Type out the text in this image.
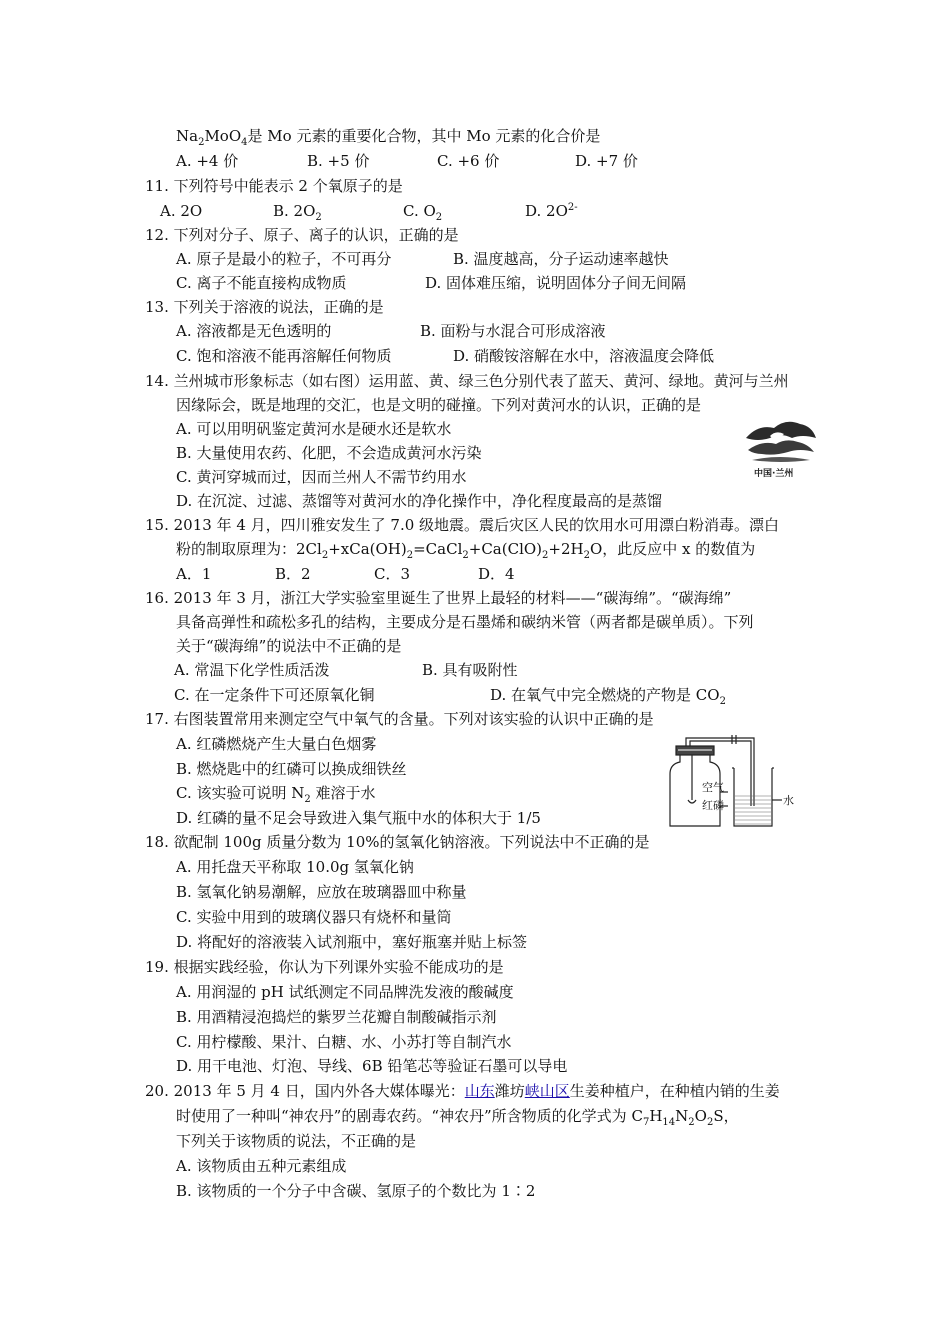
$Na_2MoO_4$是 Mo 元素的重要化合物，其中 Mo 元素的化合价是
A. +4 价	B. +5 价	C. +6 价	D. +7 价
11. 下列符号中能表示 2 个氧原子的是
A. 2O	B. $2O_2$	C. $O_2$	D. $2O^{2-}$
12. 下列对分子、原子、离子的认识，正确的是
A. 原子是最小的粒子，不可再分	B. 温度越高，分子运动速率越快
C. 离子不能直接构成物质	D. 固体难压缩，说明固体分子间无间隔
13. 下列关于溶液的说法，正确的是
A. 溶液都是无色透明的	B. 面粉与水混合可形成溶液
C. 饱和溶液不能再溶解任何物质	D. 硝酸铵溶解在水中，溶液温度会降低
14. 兰州城市形象标志（如右图）运用蓝、黄、绿三色分别代表了蓝天、黄河、绿地。黄河与兰州
因缘际会，既是地理的交汇，也是文明的碰撞。下列对黄河水的认识，正确的是
A. 可以用明矾鉴定黄河水是硬水还是软水
B. 大量使用农药、化肥，不会造成黄河水污染
C. 黄河穿城而过，因而兰州人不需节约用水
D. 在沉淀、过滤、蒸馏等对黄河水的净化操作中，净化程度最高的是蒸馏
中国·兰州
15. 2013 年 4 月，四川雅安发生了 7.0 级地震。震后灾区人民的饮用水可用漂白粉消毒。漂白
粉的制取原理为：$2Cl_2+xCa(OH)_2=CaCl_2+Ca(ClO)_2+2H_2O$，此反应中 x 的数值为
A．1	B．2	C．3	D．4
16. 2013 年 3 月，浙江大学实验室里诞生了世界上最轻的材料——“碳海绵”。“碳海绵”
具备高弹性和疏松多孔的结构，主要成分是石墨烯和碳纳米管（两者都是碳单质）。下列
关于“碳海绵”的说法中不正确的是
A. 常温下化学性质活泼	B. 具有吸附性
C. 在一定条件下可还原氧化铜	D. 在氧气中完全燃烧的产物是 $CO_2$
17. 右图装置常用来测定空气中氧气的含量。下列对该实验的认识中正确的是
A. 红磷燃烧产生大量白色烟雾
B. 燃烧匙中的红磷可以换成细铁丝
C. 该实验可说明 $N_2$ 难溶于水
D. 红磷的量不足会导致进入集气瓶中水的体积大于 1/5
空气
红磷	水
18. 欲配制 100g 质量分数为 10%的氢氧化钠溶液。下列说法中不正确的是
A. 用托盘天平称取 10.0g 氢氧化钠
B. 氢氧化钠易潮解，应放在玻璃器皿中称量
C. 实验中用到的玻璃仪器只有烧杯和量筒
D. 将配好的溶液装入试剂瓶中，塞好瓶塞并贴上标签
19. 根据实践经验，你认为下列课外实验不能成功的是
A. 用润湿的 pH 试纸测定不同品牌洗发液的酸碱度
B. 用酒精浸泡捣烂的紫罗兰花瓣自制酸碱指示剂
C. 用柠檬酸、果汁、白糖、水、小苏打等自制汽水
D. 用干电池、灯泡、导线、6B 铅笔芯等验证石墨可以导电
20. 2013 年 5 月 4 日，国内外各大媒体曝光：山东潍坊峡山区生姜种植户，在种植内销的生姜
时使用了一种叫“神农丹”的剧毒农药。“神农丹”所含物质的化学式为 $C_7H_{14}N_2O_2S$，
下列关于该物质的说法，不正确的是
A. 该物质由五种元素组成
B. 该物质的一个分子中含碳、氢原子的个数比为 1∶2
